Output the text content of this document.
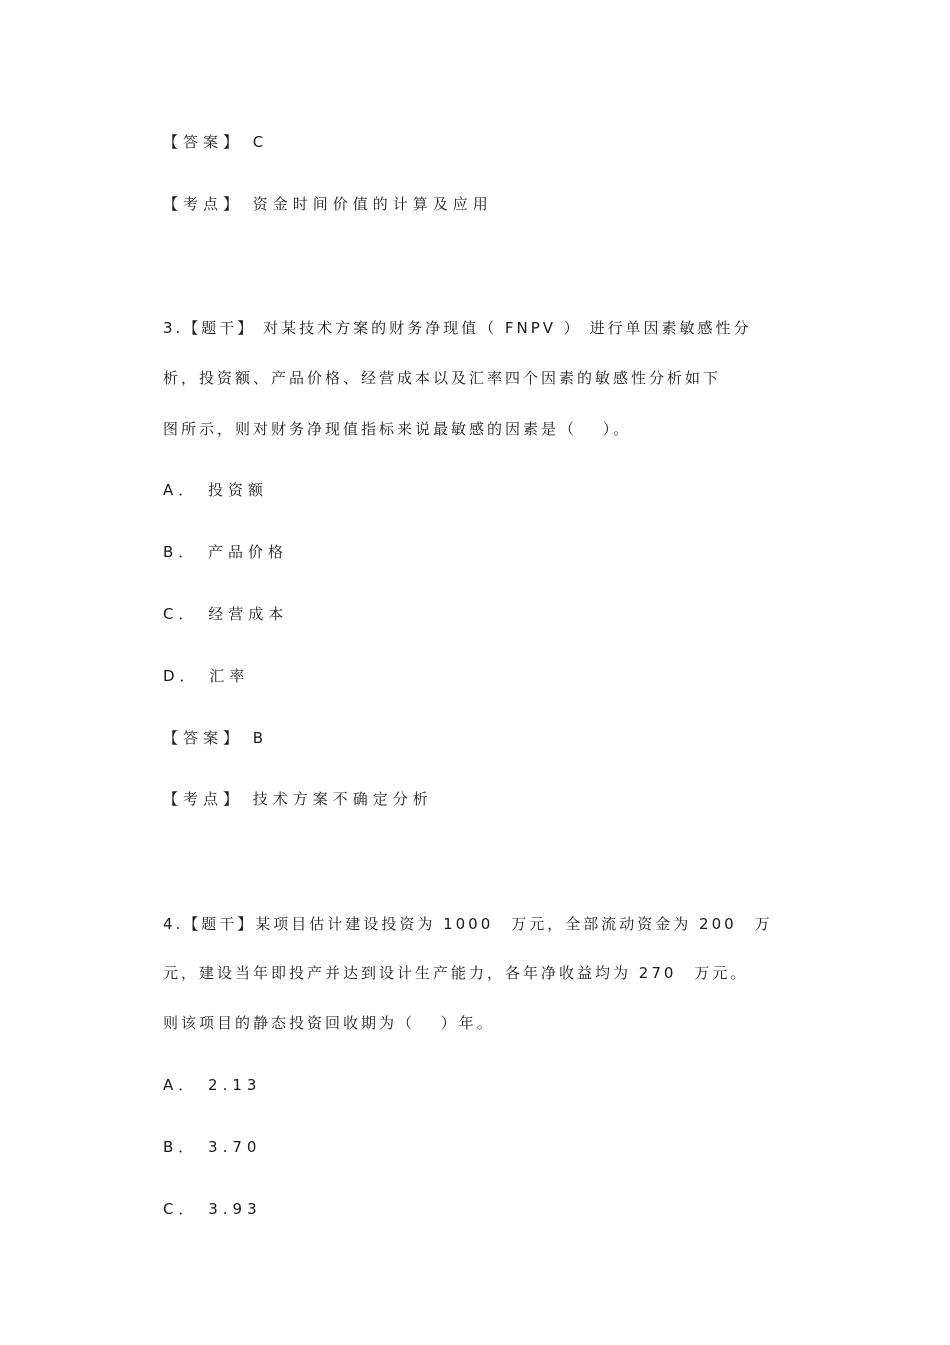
【答案】 C

【考点】 资金时间价值的计算及应用

3.【题干】 对某技术方案的财务净现值（ FNPV ） 进行单因素敏感性分

析，投资额、产品价格、经营成本以及汇率四个因素的敏感性分析如下

图所示，则对财务净现值指标来说最敏感的因素是（　 ）。

A． 投资额

B． 产品价格

C． 经营成本

D． 汇率

【答案】 B

【考点】 技术方案不确定分析

4.【题干】某项目估计建设投资为 1000　万元，全部流动资金为 200　万

元，建设当年即投产并达到设计生产能力，各年净收益均为 270　万元。

则该项目的静态投资回收期为（　 ）年。

A． 2.13

B． 3.70

C． 3.93
